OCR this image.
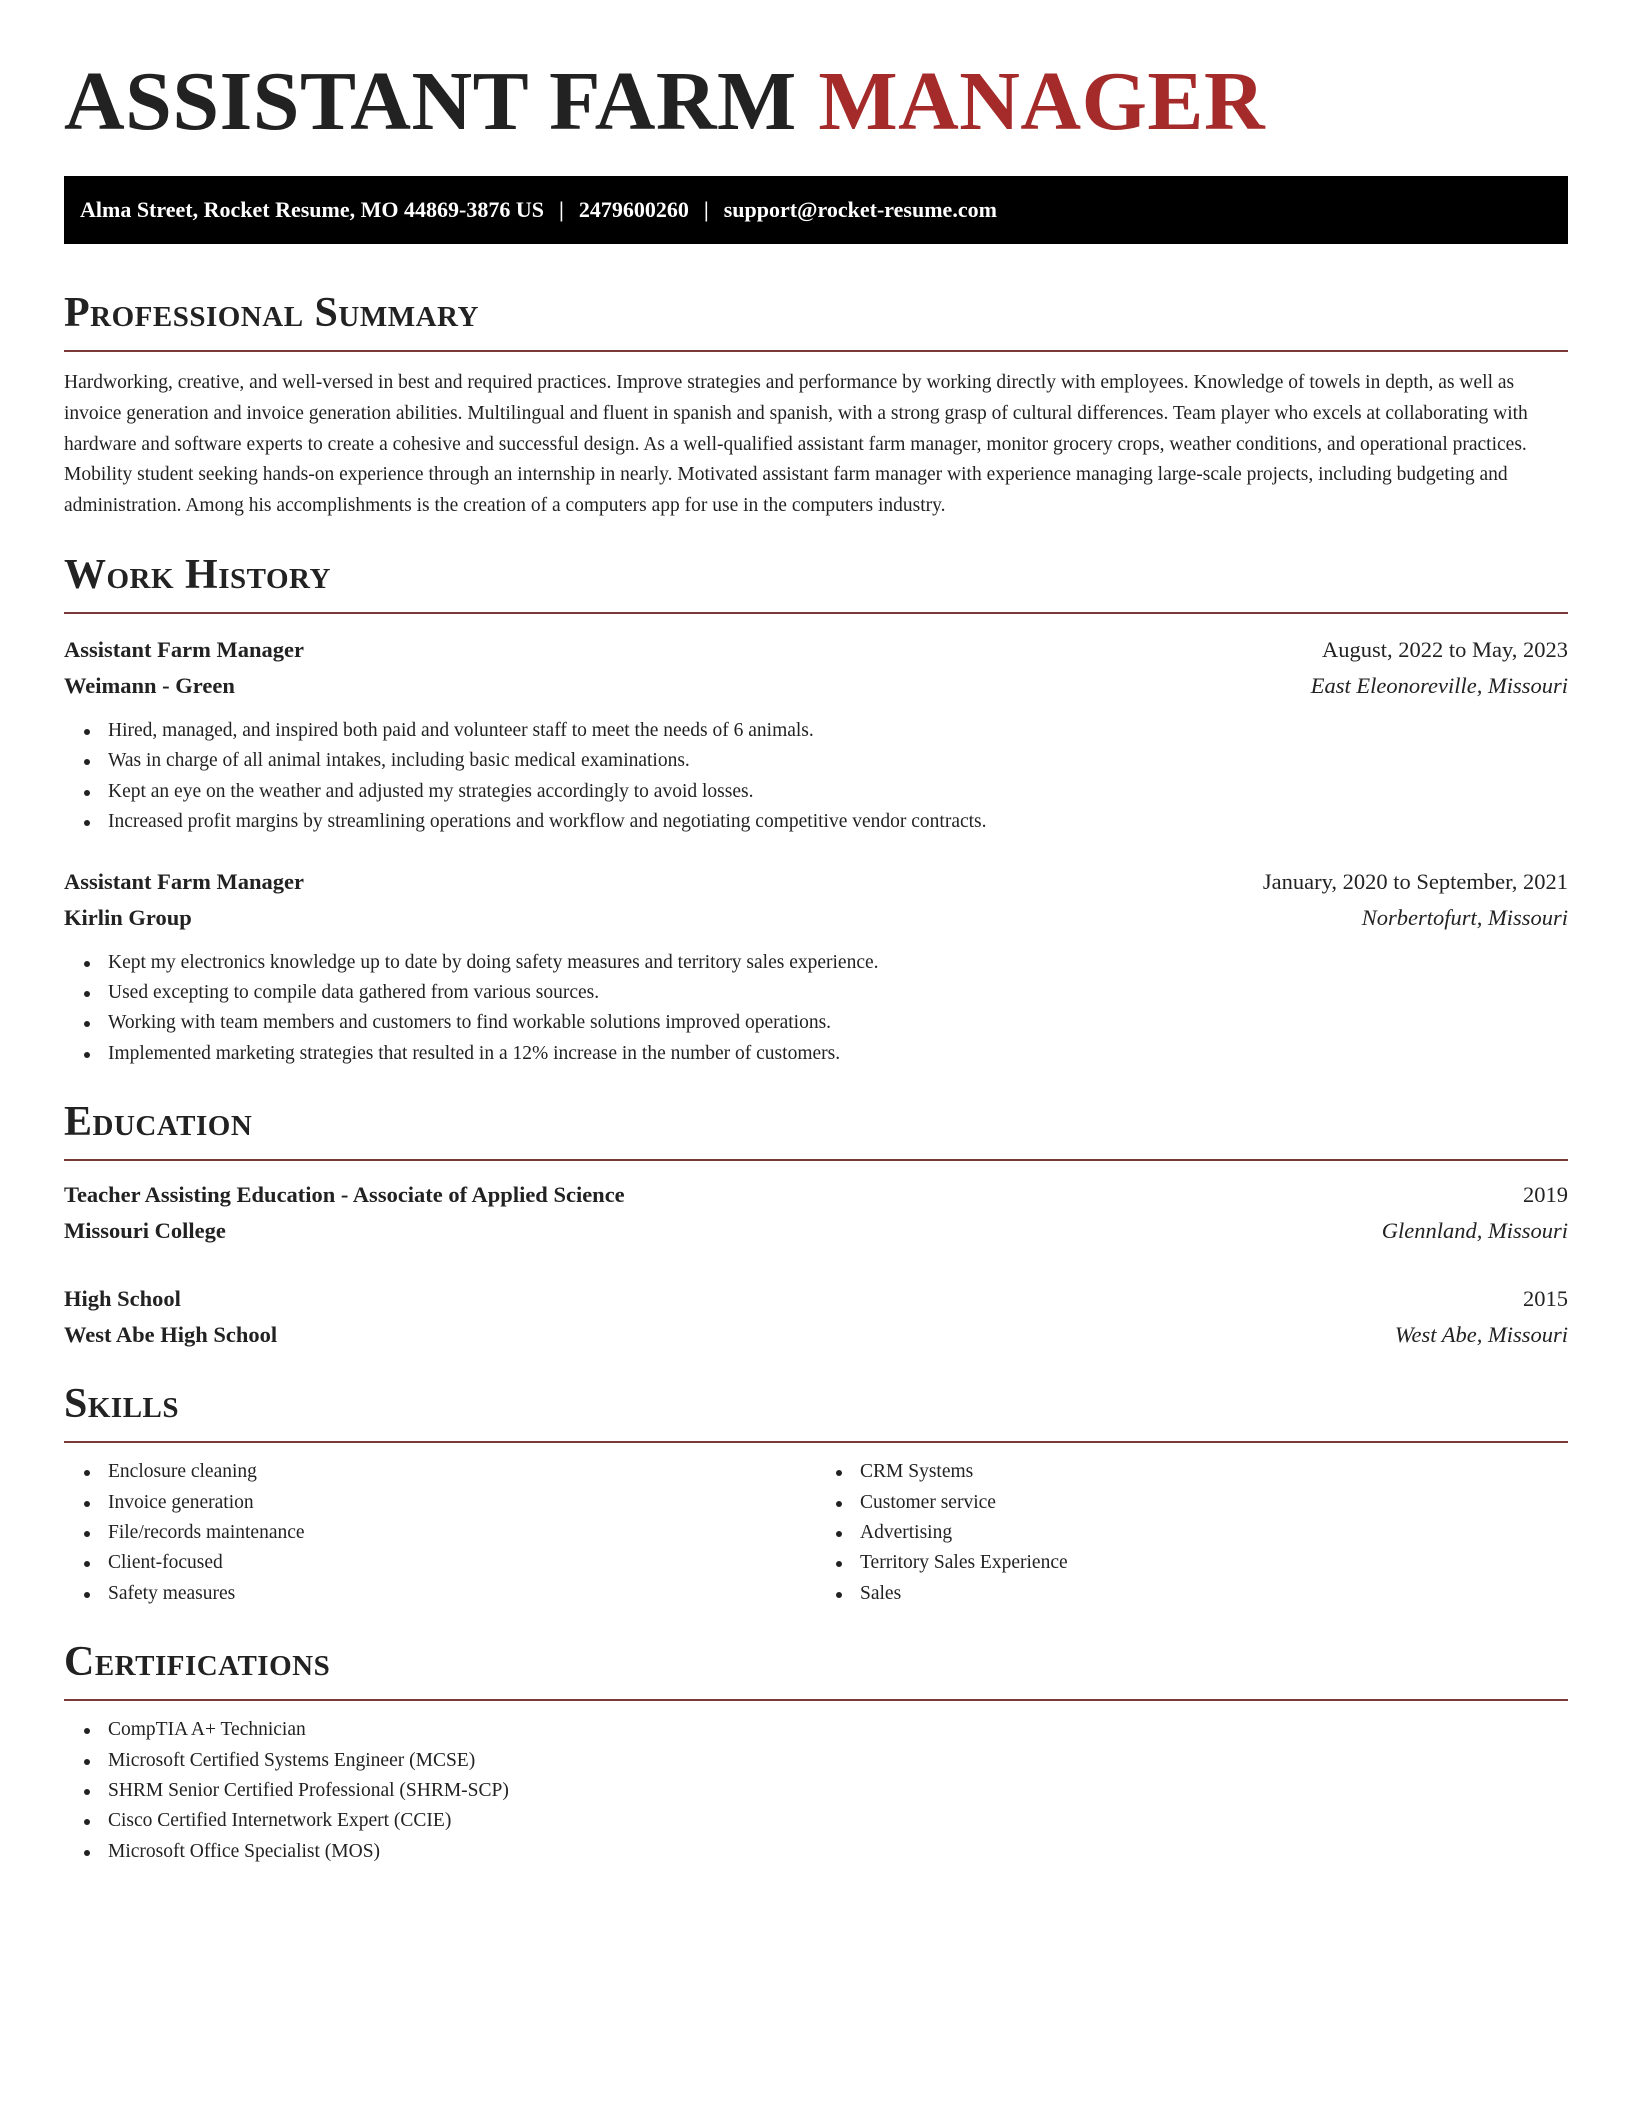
ASSISTANT FARM MANAGER
Alma Street, Rocket Resume, MO 44869-3876 US | 2479600260 | support@rocket-resume.com
Professional Summary

Hardworking, creative, and well-versed in best and required practices. Improve strategies and performance by working directly with employees. Knowledge of towels in depth, as well as invoice generation and invoice generation abilities. Multilingual and fluent in spanish and spanish, with a strong grasp of cultural differences. Team player who excels at collaborating with hardware and software experts to create a cohesive and successful design. As a well-qualified assistant farm manager, monitor grocery crops, weather conditions, and operational practices. Mobility student seeking hands-on experience through an internship in nearly. Motivated assistant farm manager with experience managing large-scale projects, including budgeting and administration. Among his accomplishments is the creation of a computers app for use in the computers industry.

Work History
Assistant Farm Manager	August, 2022 to May, 2023
Weimann - Green	East Eleonoreville, Missouri
Hired, managed, and inspired both paid and volunteer staff to meet the needs of 6 animals.
Was in charge of all animal intakes, including basic medical examinations.
Kept an eye on the weather and adjusted my strategies accordingly to avoid losses.
Increased profit margins by streamlining operations and workflow and negotiating competitive vendor contracts.
Assistant Farm Manager	January, 2020 to September, 2021
Kirlin Group	Norbertofurt, Missouri
Kept my electronics knowledge up to date by doing safety measures and territory sales experience.
Used excepting to compile data gathered from various sources.
Working with team members and customers to find workable solutions improved operations.
Implemented marketing strategies that resulted in a 12% increase in the number of customers.
Education
Teacher Assisting Education - Associate of Applied Science	2019
Missouri College	Glennland, Missouri
High School	2015
West Abe High School	West Abe, Missouri
Skills
Enclosure cleaning
Invoice generation
File/records maintenance
Client-focused
Safety measures
CRM Systems
Customer service
Advertising
Territory Sales Experience
Sales
Certifications
CompTIA A+ Technician
Microsoft Certified Systems Engineer (MCSE)
SHRM Senior Certified Professional (SHRM-SCP)
Cisco Certified Internetwork Expert (CCIE)
Microsoft Office Specialist (MOS)
